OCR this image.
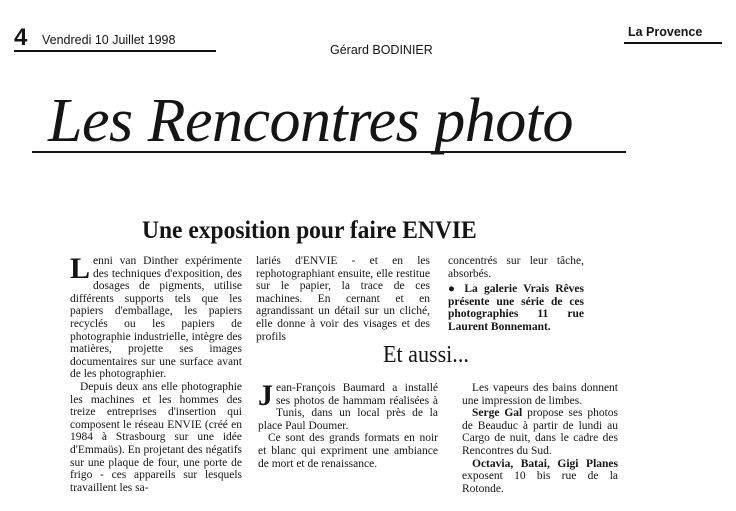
4 Vendredi 10 Juillet 1998
Gérard BODINIER
La Provence
Les Rencontres photo
Une exposition pour faire ENVIE

Lenni van Dinther expérimente des techniques d'exposition, des dosages de pigments, utilise différents supports tels que les papiers d'emballage, les papiers recyclés ou les papiers de photographie industrielle, intègre des matières, projette ses images documentaires sur une surface avant de les photographier.

Depuis deux ans elle photographie les machines et les hommes des treize entreprises d'insertion qui composent le réseau ENVIE (créé en 1984 à Strasbourg sur une idée d'Emmaüs). En projetant des négatifs sur une plaque de four, une porte de frigo - ces appareils sur lesquels travaillent les sa-

lariés d'ENVIE - et en les rephotographiant ensuite, elle restitue sur le papier, la trace de ces machines. En cernant et en agrandissant un détail sur un cliché, elle donne à voir des visages et des profils

concentrés sur leur tâche, absorbés.

● La galerie Vrais Rêves présente une série de ces photographies 11 rue Laurent Bonnemant.

Et aussi...

Jean-François Baumard a installé ses photos de hammam réalisées à Tunis, dans un local près de la place Paul Doumer.

Ce sont des grands formats en noir et blanc qui expriment une ambiance de mort et de renaissance.

Les vapeurs des bains donnent une impression de limbes.

Serge Gal propose ses photos de Beauduc à partir de lundi au Cargo de nuit, dans le cadre des Rencontres du Sud.

Octavia, Batai, Gigi Planes exposent 10 bis rue de la Rotonde.
